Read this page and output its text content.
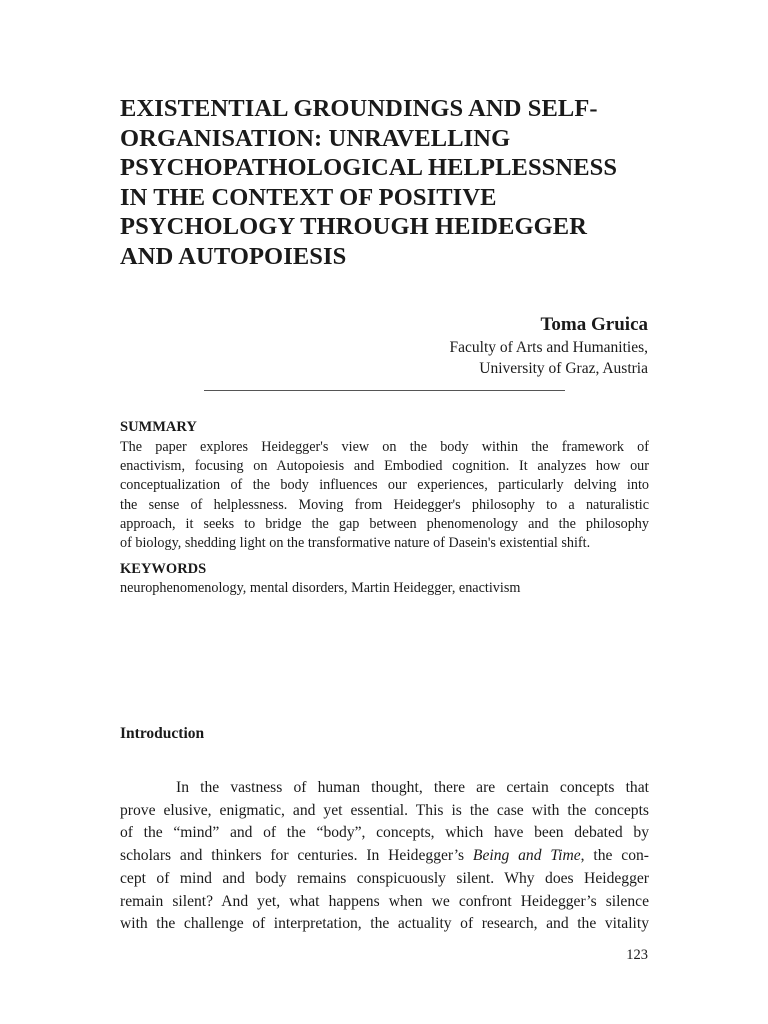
EXISTENTIAL GROUNDINGS AND SELF-
ORGANISATION: UNRAVELLING
PSYCHOPATHOLOGICAL HELPLESSNESS
IN THE CONTEXT OF POSITIVE
PSYCHOLOGY THROUGH HEIDEGGER
AND AUTOPOIESIS
Toma Gruica
Faculty of Arts and Humanities,
University of Graz, Austria
SUMMARY

The paper explores Heidegger's view on the body within the framework of
enactivism, focusing on Autopoiesis and Embodied cognition. It analyzes how our
conceptualization of the body influences our experiences, particularly delving into
the sense of helplessness. Moving from Heidegger's philosophy to a naturalistic
approach, it seeks to bridge the gap between phenomenology and the philosophy
of biology, shedding light on the transformative nature of Dasein's existential shift.

KEYWORDS
neurophenomenology, mental disorders, Martin Heidegger, enactivism
Introduction

In the vastness of human thought, there are certain concepts that
prove elusive, enigmatic, and yet essential. This is the case with the concepts
of the “mind” and of the “body”, concepts, which have been debated by
scholars and thinkers for centuries. In Heidegger’s Being and Time, the con-
cept of mind and body remains conspicuously silent. Why does Heidegger
remain silent? And yet, what happens when we confront Heidegger’s silence
with the challenge of interpretation, the actuality of research, and the vitality

123
